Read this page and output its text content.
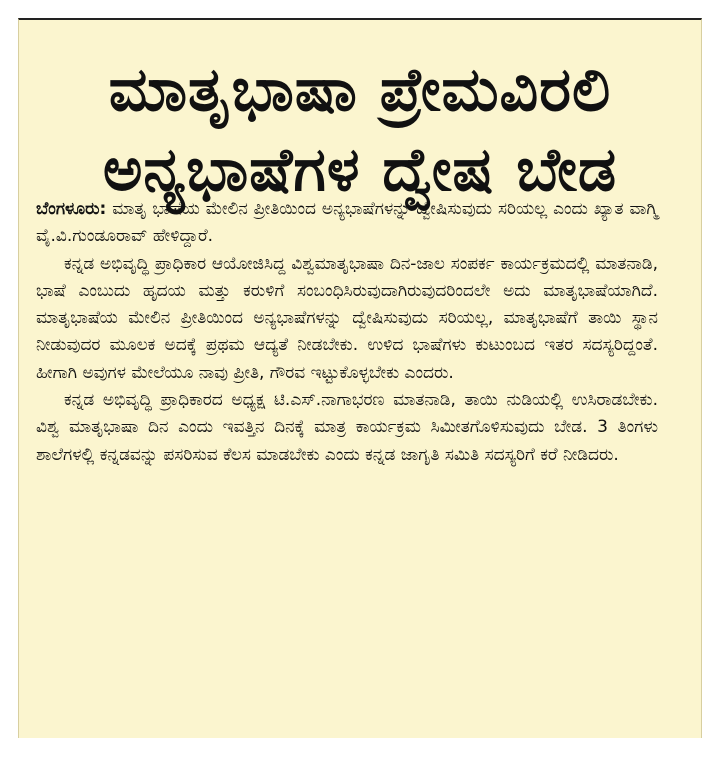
ಮಾತೃಭಾಷಾ ಪ್ರೇಮವಿರಲಿ
ಅನ್ಯಭಾಷೆಗಳ ದ್ವೇಷ ಬೇಡ

ಬೆಂಗಳೂರು: ಮಾತೃ ಭಾಷೆಯ ಮೇಲಿನ ಪ್ರೀತಿಯಿಂದ ಅನ್ಯಭಾಷೆಗಳನ್ನು ದ್ವೇಷಿಸುವುದು ಸರಿಯಲ್ಲ ಎಂದು ಖ್ಯಾತ ವಾಗ್ಮಿ ವೈ.ವಿ.ಗುಂಡೂರಾವ್ ಹೇಳಿದ್ದಾರೆ.

ಕನ್ನಡ ಅಭಿವೃದ್ಧಿ ಪ್ರಾಧಿಕಾರ ಆಯೋಜಿಸಿದ್ದ ವಿಶ್ವಮಾತೃಭಾಷಾ ದಿನ-ಜಾಲ ಸಂಪರ್ಕ ಕಾರ್ಯಕ್ರಮದಲ್ಲಿ ಮಾತನಾಡಿ, ಭಾಷೆ ಎಂಬುದು ಹೃದಯ ಮತ್ತು ಕರುಳಿಗೆ ಸಂಬಂಧಿಸಿರುವುದಾಗಿರುವುದರಿಂದಲೇ ಅದು ಮಾತೃಭಾಷೆಯಾಗಿದೆ. ಮಾತೃಭಾಷೆಯ ಮೇಲಿನ ಪ್ರೀತಿಯಿಂದ ಅನ್ಯಭಾಷೆಗಳನ್ನು ದ್ವೇಷಿಸುವುದು ಸರಿಯಲ್ಲ, ಮಾತೃಭಾಷೆಗೆ ತಾಯಿ ಸ್ಥಾನ ನೀಡುವುದರ ಮೂಲಕ ಅದಕ್ಕೆ ಪ್ರಥಮ ಆದ್ಯತೆ ನೀಡಬೇಕು. ಉಳಿದ ಭಾಷೆಗಳು ಕುಟುಂಬದ ಇತರ ಸದಸ್ಯರಿದ್ದಂತೆ. ಹೀಗಾಗಿ ಅವುಗಳ ಮೇಲೆಯೂ ನಾವು ಪ್ರೀತಿ, ಗೌರವ ಇಟ್ಟುಕೊಳ್ಳಬೇಕು ಎಂದರು.

ಕನ್ನಡ ಅಭಿವೃದ್ಧಿ ಪ್ರಾಧಿಕಾರದ ಅಧ್ಯಕ್ಷ ಟಿ.ಎಸ್.ನಾಗಾಭರಣ ಮಾತನಾಡಿ, ತಾಯಿ ನುಡಿಯಲ್ಲಿ ಉಸಿರಾಡಬೇಕು. ವಿಶ್ವ ಮಾತೃಭಾಷಾ ದಿನ ಎಂದು ಇವತ್ತಿನ ದಿನಕ್ಕೆ ಮಾತ್ರ ಕಾರ್ಯಕ್ರಮ ಸಿಮೀತಗೊಳಿಸುವುದು ಬೇಡ. 3 ತಿಂಗಳು ಶಾಲೆಗಳಲ್ಲಿ ಕನ್ನಡವನ್ನು ಪಸರಿಸುವ ಕೆಲಸ ಮಾಡಬೇಕು ಎಂದು ಕನ್ನಡ ಜಾಗೃತಿ ಸಮಿತಿ ಸದಸ್ಯರಿಗೆ ಕರೆ ನೀಡಿದರು.
